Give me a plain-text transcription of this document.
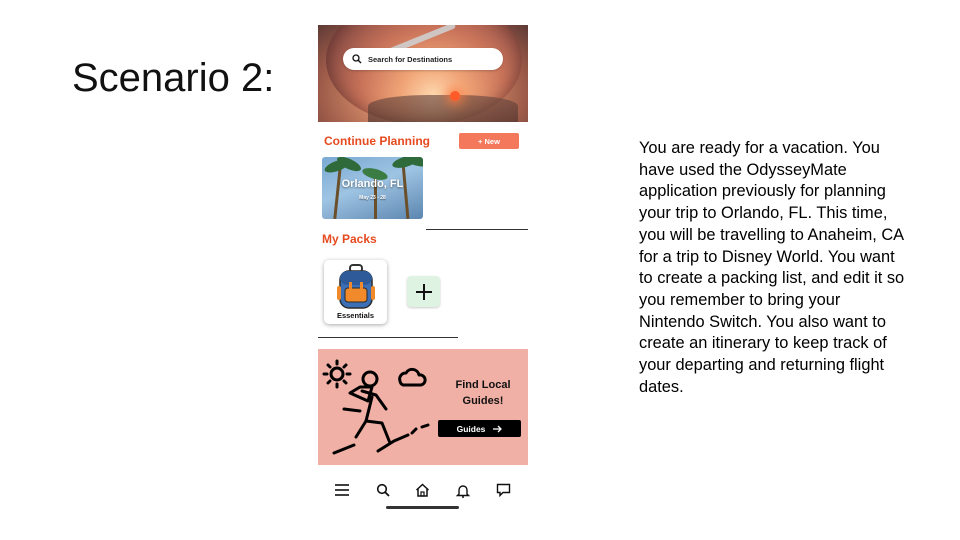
Scenario 2:	Search for Destinations
Continue Planning	+ New
Orlando, FL
May 23 - 28
My Packs
Essentials
Find Local Guides!
Guides
You are ready for a vacation. You have used the OdysseyMate application previously for planning your trip to Orlando, FL. This time, you will be travelling to Anaheim, CA for a trip to Disney World. You want to create a packing list, and edit it so you remember to bring your Nintendo Switch. You also want to create an itinerary to keep track of your departing and returning flight dates.
